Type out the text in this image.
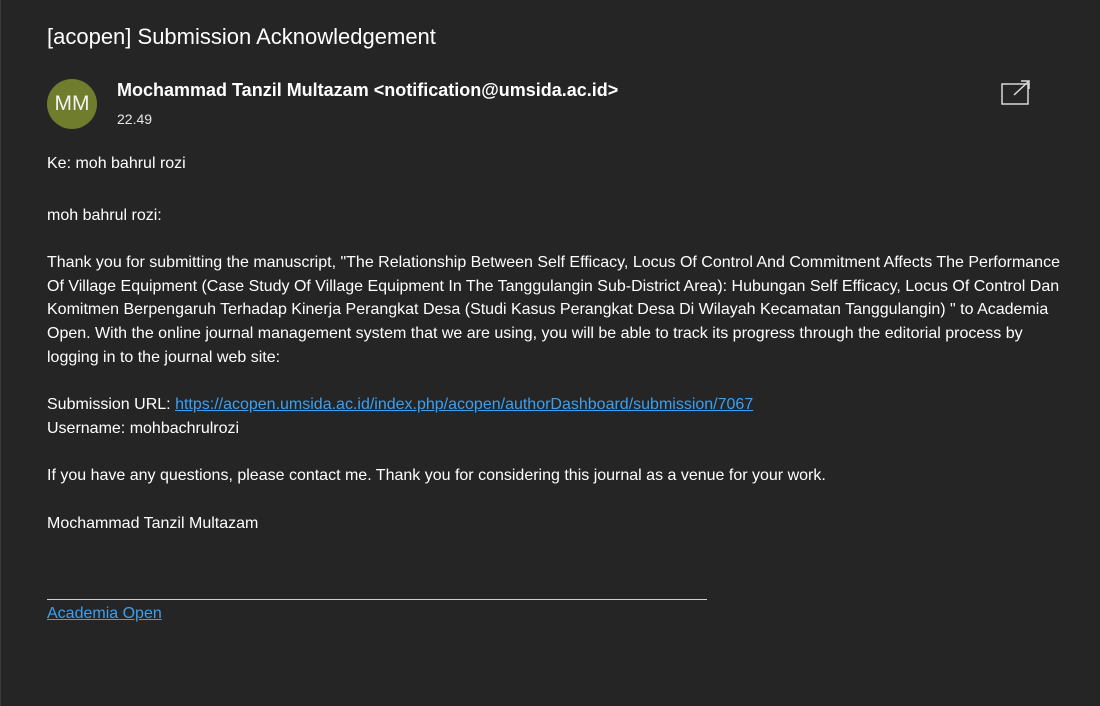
[acopen] Submission Acknowledgement
MM
Mochammad Tanzil Multazam <notification@umsida.ac.id>
22.49

Ke: moh bahrul rozi

moh bahrul rozi:

Thank you for submitting the manuscript, "The Relationship Between Self Efficacy, Locus Of Control And Commitment Affects The Performance Of Village Equipment (Case Study Of Village Equipment In The Tanggulangin Sub-District Area): Hubungan Self Efficacy, Locus Of Control Dan Komitmen Berpengaruh Terhadap Kinerja Perangkat Desa (Studi Kasus Perangkat Desa Di Wilayah Kecamatan Tanggulangin) " to Academia Open. With the online journal management system that we are using, you will be able to track its progress through the editorial process by logging in to the journal web site:

Submission URL: https://acopen.umsida.ac.id/index.php/acopen/authorDashboard/submission/7067

Username: mohbachrulrozi

If you have any questions, please contact me. Thank you for considering this journal as a venue for your work.

Mochammad Tanzil Multazam

Academia Open
